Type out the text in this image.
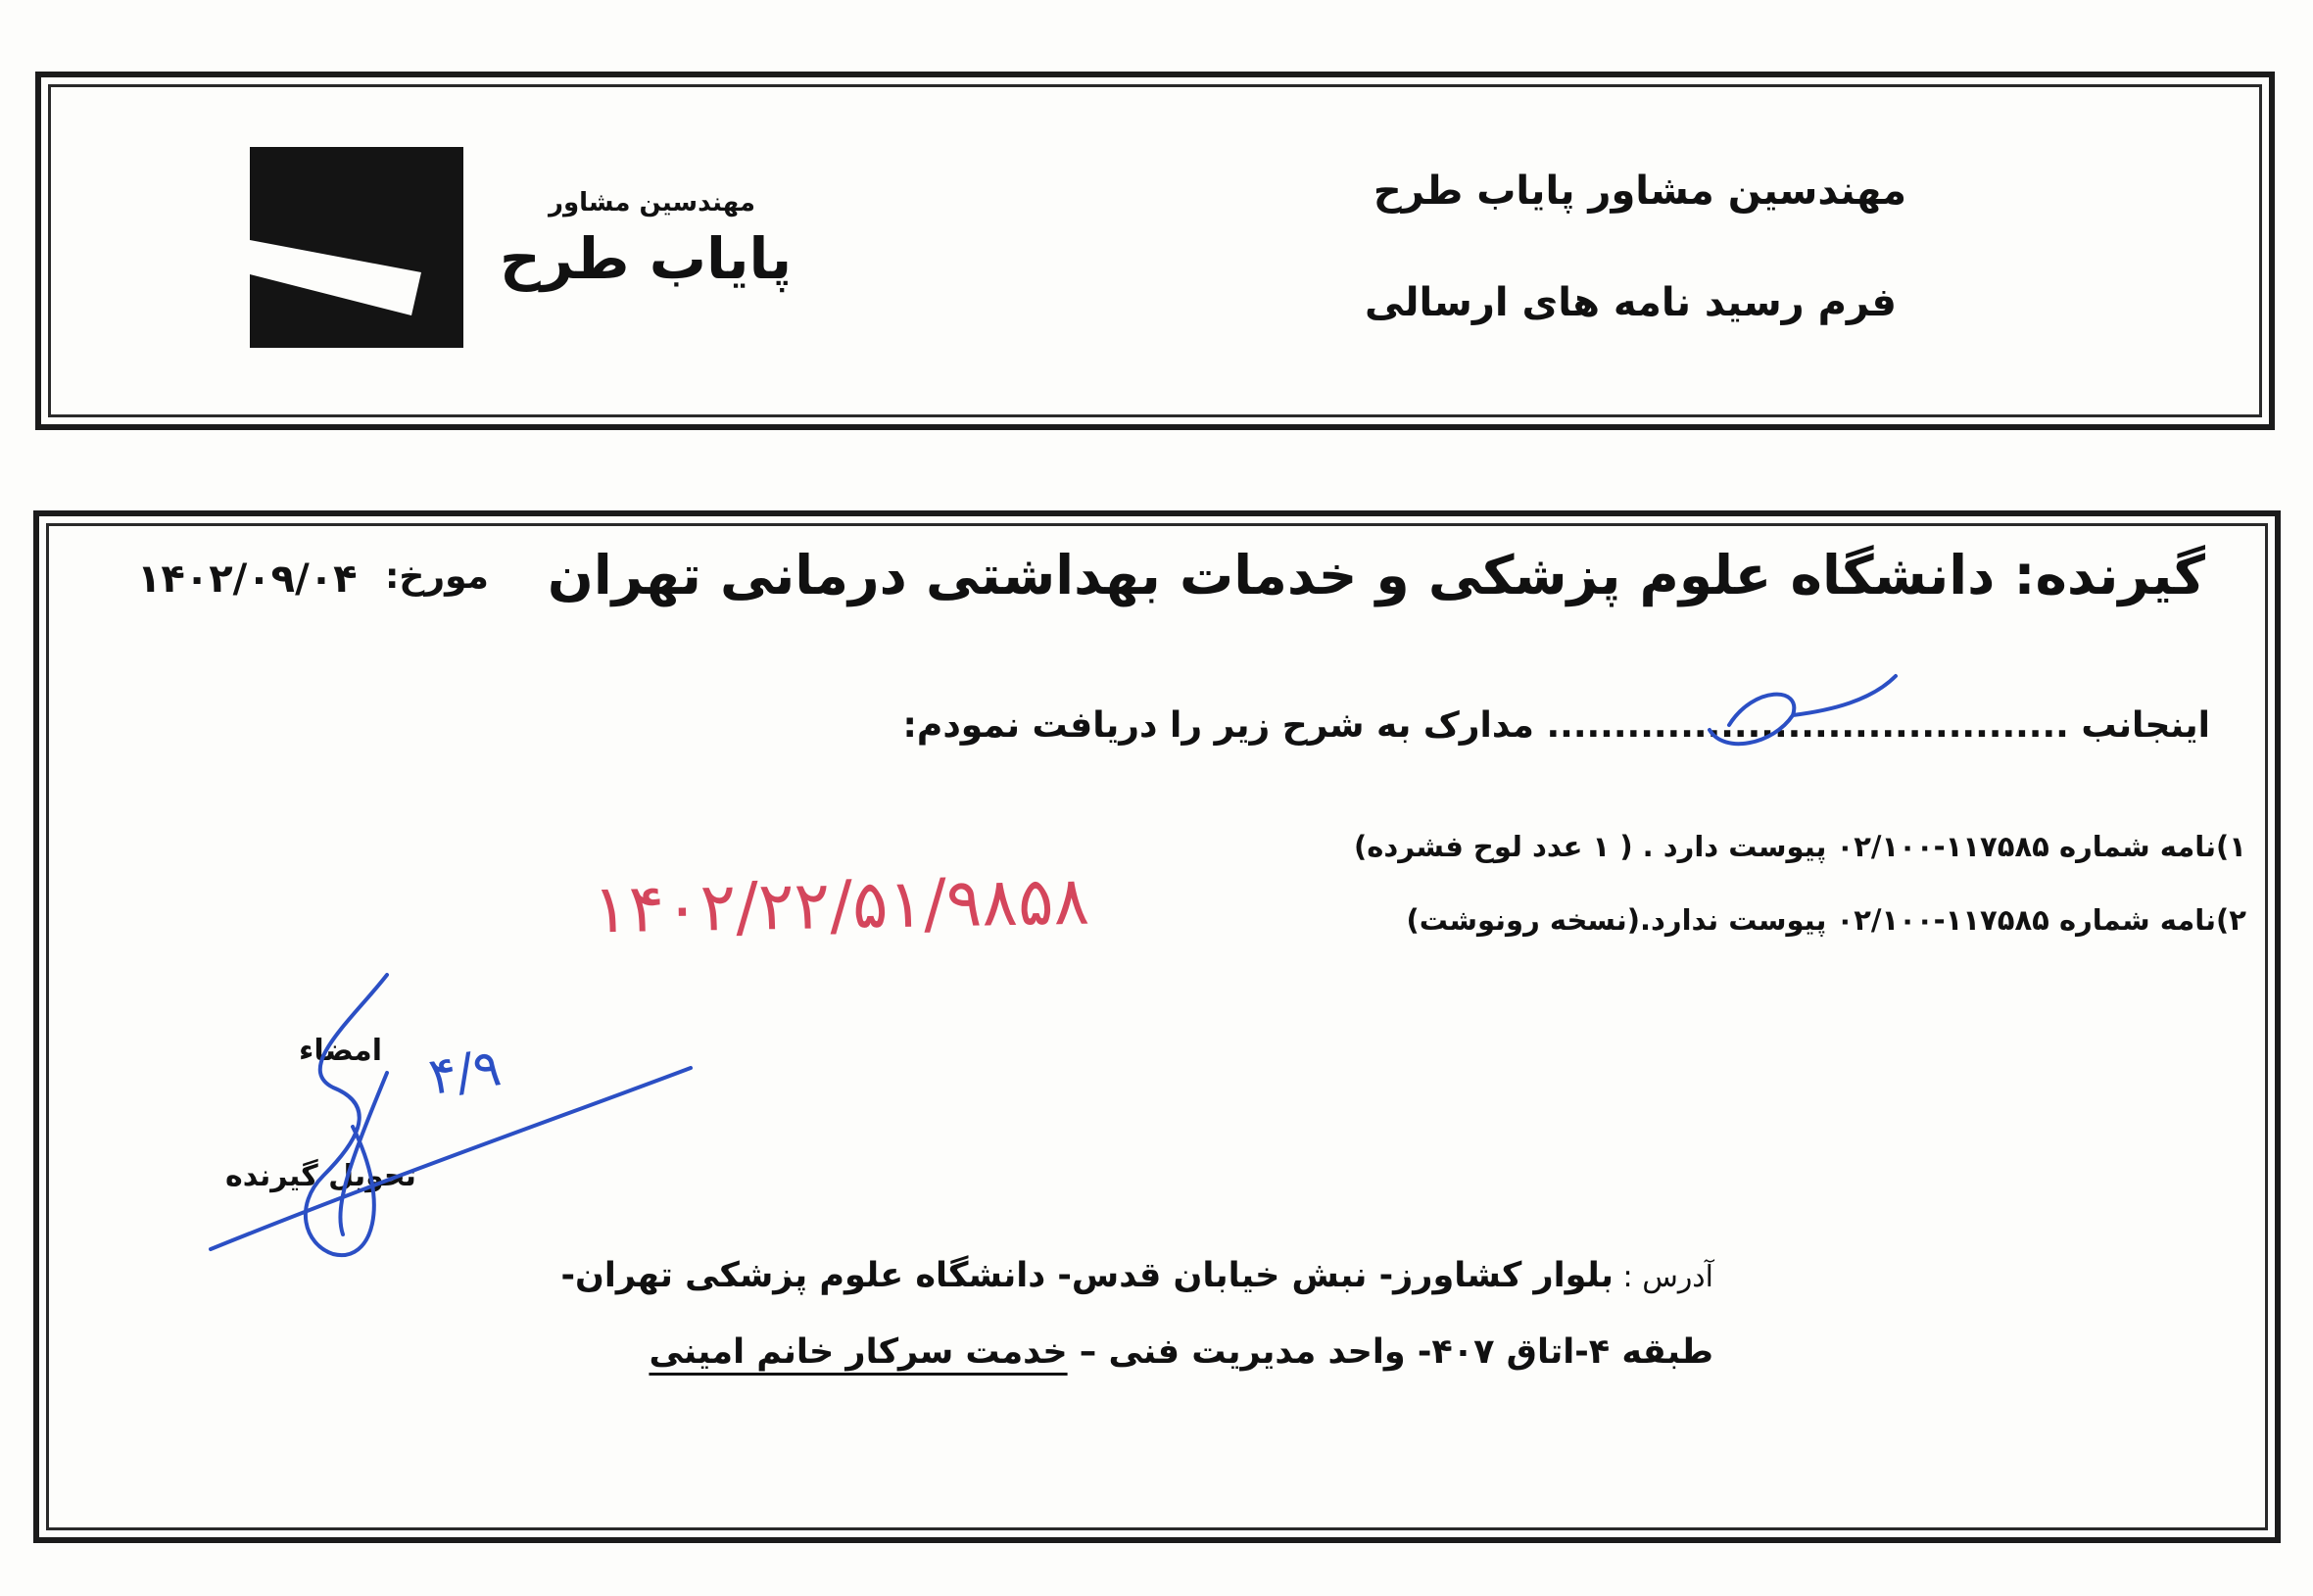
مهندسین مشاور
پایاب طرح
مهندسین مشاور پایاب طرح
فرم رسید نامه های ارسالی
گیرنده: دانشگاه علوم پزشکی و خدمات بهداشتی درمانی تهران
مورخ:
۱۴۰۲/۰۹/۰۴
اینجانب ....................................... مدارک به شرح زیر را دریافت نمودم:
۱)نامه شماره ۱۱۷۵۸۵-۰۲/۱۰۰ پیوست دارد . ( ۱ عدد لوح فشرده)
۲)نامه شماره ۱۱۷۵۸۵-۰۲/۱۰۰ پیوست ندارد.(نسخه رونوشت)
۱۴۰۲/۲۲/۵۱/۹۸۵۸
امضاء
تحویل گیرنده
آدرس : بلوار کشاورز- نبش خیابان قدس- دانشگاه علوم پزشکی تهران-
طبقه ۴-اتاق ۴۰۷- واحد مدیریت فنی – خدمت سرکار خانم امینی
۴/۹
